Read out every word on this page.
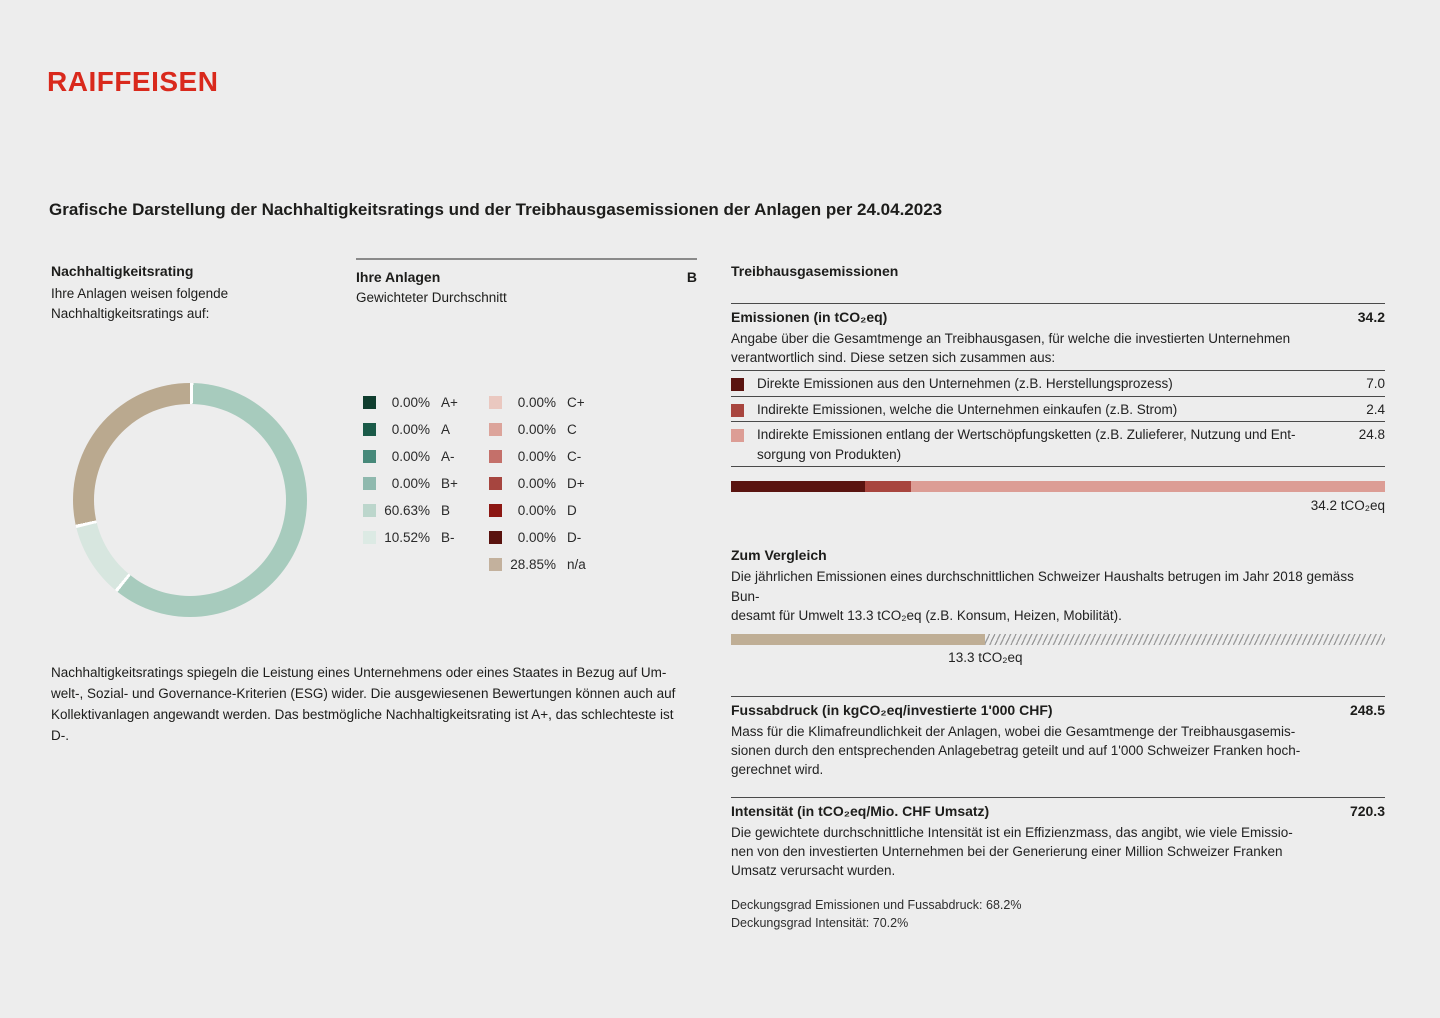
RAIFFEISEN
Grafische Darstellung der Nachhaltigkeitsratings und der Treibhausgasemissionen der Anlagen per 24.04.2023
Nachhaltigkeitsrating
Ihre Anlagen weisen folgende
Nachhaltigkeitsratings auf:
Ihre Anlagen	B
Gewichteter Durchschnitt
0.00% A+
0.00% A
0.00% A-
0.00% B+
60.63% B
10.52% B-
0.00% C+
0.00% C
0.00% C-
0.00% D+
0.00% D
0.00% D-
28.85% n/a
Nachhaltigkeitsratings spiegeln die Leistung eines Unternehmens oder eines Staates in Bezug auf Um-
welt-, Sozial- und Governance-Kriterien (ESG) wider. Die ausgewiesenen Bewertungen können auch auf
Kollektivanlagen angewandt werden. Das bestmögliche Nachhaltigkeitsrating ist A+, das schlechteste ist
D-.
Treibhausgasemissionen
Emissionen (in tCO₂eq)	34.2
Angabe über die Gesamtmenge an Treibhausgasen, für welche die investierten Unternehmen
verantwortlich sind. Diese setzen sich zusammen aus:
Direkte Emissionen aus den Unternehmen (z.B. Herstellungsprozess)	7.0
Indirekte Emissionen, welche die Unternehmen einkaufen (z.B. Strom)	2.4
Indirekte Emissionen entlang der Wertschöpfungsketten (z.B. Zulieferer, Nutzung und Ent-
sorgung von Produkten)
24.8
34.2 tCO₂eq
Zum Vergleich
Die jährlichen Emissionen eines durchschnittlichen Schweizer Haushalts betrugen im Jahr 2018 gemäss Bun-
desamt für Umwelt 13.3 tCO₂eq (z.B. Konsum, Heizen, Mobilität).
13.3 tCO₂eq
Fussabdruck (in kgCO₂eq/investierte 1'000 CHF)	248.5
Mass für die Klimafreundlichkeit der Anlagen, wobei die Gesamtmenge der Treibhausgasemis-
sionen durch den entsprechenden Anlagebetrag geteilt und auf 1'000 Schweizer Franken hoch-
gerechnet wird.
Intensität (in tCO₂eq/Mio. CHF Umsatz)	720.3
Die gewichtete durchschnittliche Intensität ist ein Effizienzmass, das angibt, wie viele Emissio-
nen von den investierten Unternehmen bei der Generierung einer Million Schweizer Franken
Umsatz verursacht wurden.
Deckungsgrad Emissionen und Fussabdruck: 68.2%
Deckungsgrad Intensität: 70.2%
